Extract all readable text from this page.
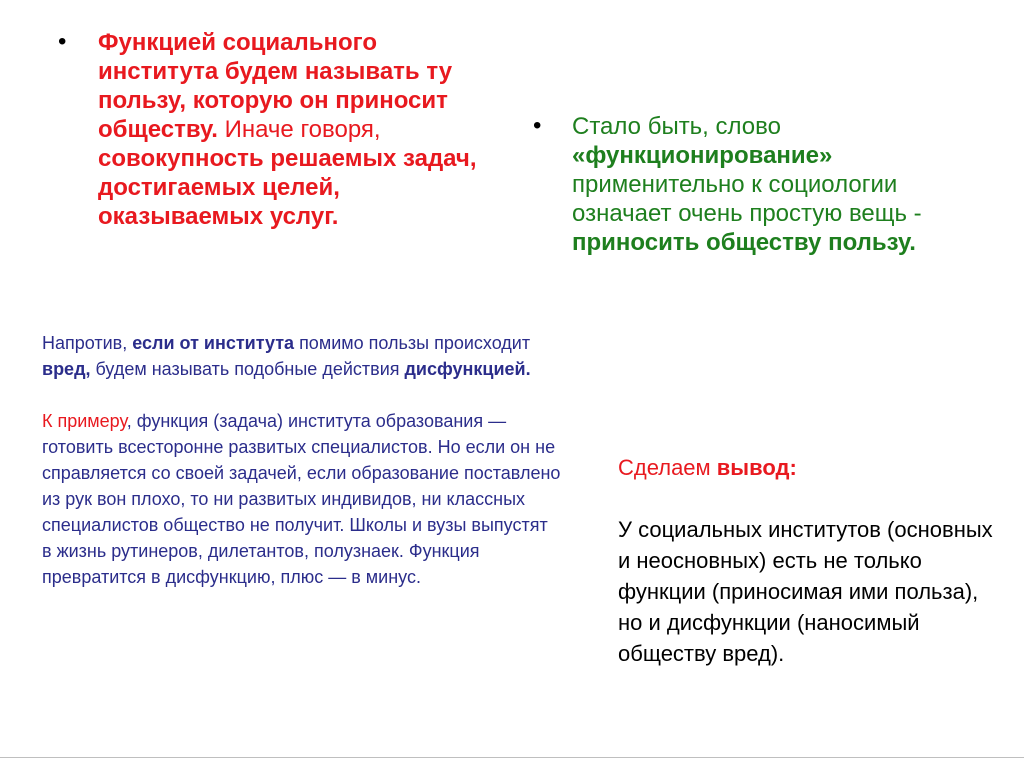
• Функцией социального института будем называть ту пользу, которую он приносит обществу. Иначе говоря, совокупность решаемых задач, достигаемых целей, оказываемых услуг.
• Стало быть, слово «функционирование» применительно к социологии означает очень простую вещь - приносить обществу пользу.

Напротив, если от института помимо пользы происходит вред, будем называть подобные действия дисфункцией.

К примеру, функция (задача) института образования — готовить всесторонне развитых специалистов. Но если он не справляется со своей задачей, если образование поставлено из рук вон плохо, то ни развитых индивидов, ни классных специалистов общество не получит. Школы и вузы выпустят в жизнь рутинеров, дилетантов, полузнаек. Функция превратится в дисфункцию, плюс — в минус.

Сделаем вывод:

У социальных институтов (основных и неосновных) есть не только функции (приносимая ими польза), но и дисфункции (наносимый обществу вред).
